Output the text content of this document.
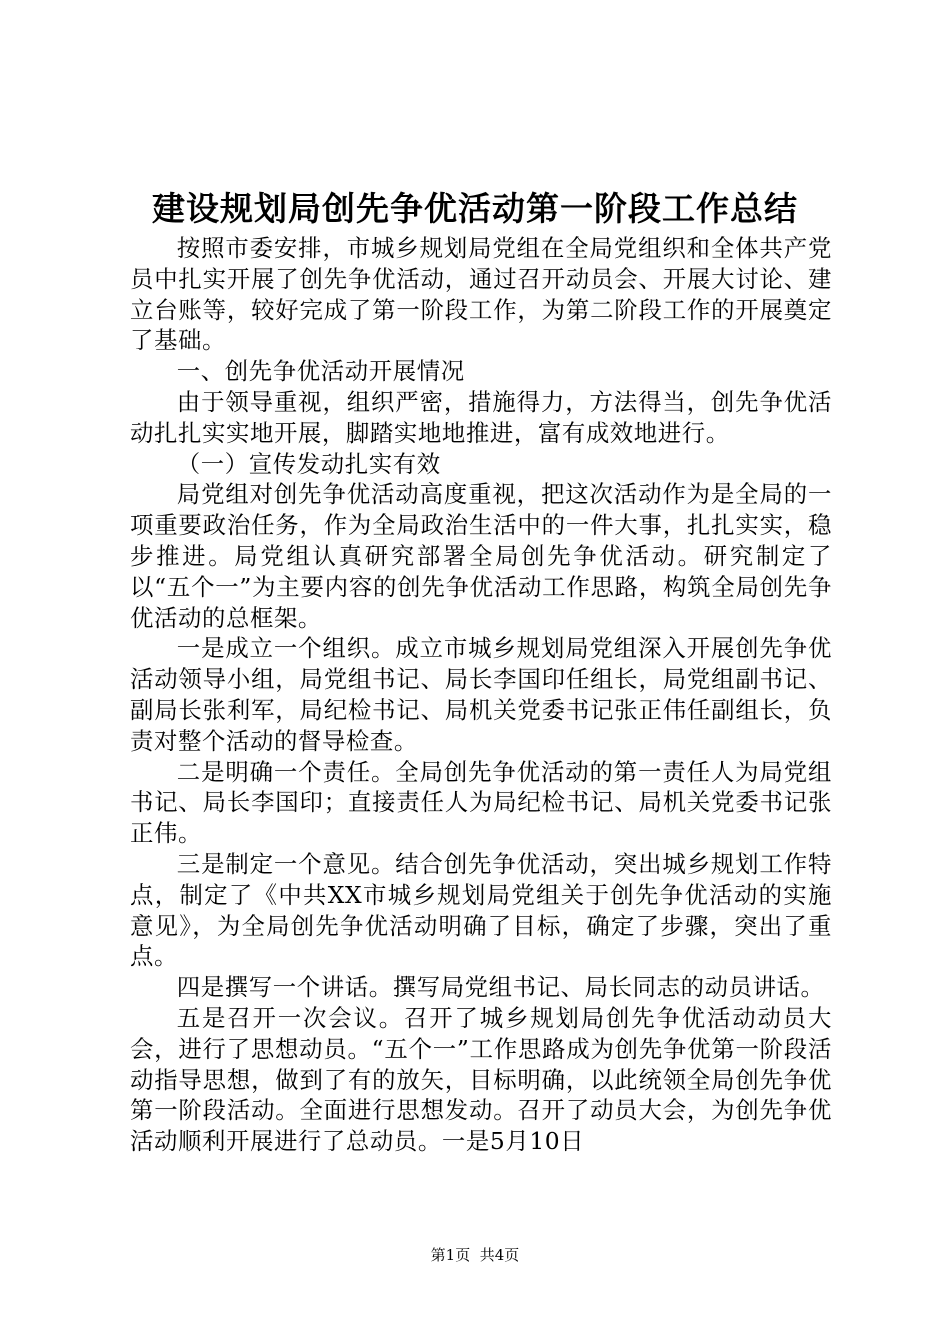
建设规划局创先争优活动第一阶段工作总结

按照市委安排，市城乡规划局党组在全局党组织和全体共产党员中扎实开展了创先争优活动，通过召开动员会、开展大讨论、建立台账等，较好完成了第一阶段工作，为第二阶段工作的开展奠定了基础。

一、创先争优活动开展情况

由于领导重视，组织严密，措施得力，方法得当，创先争优活动扎扎实实地开展，脚踏实地地推进，富有成效地进行。

（一）宣传发动扎实有效

局党组对创先争优活动高度重视，把这次活动作为是全局的一项重要政治任务，作为全局政治生活中的一件大事，扎扎实实，稳步推进。局党组认真研究部署全局创先争优活动。研究制定了以“五个一”为主要内容的创先争优活动工作思路，构筑全局创先争优活动的总框架。

一是成立一个组织。成立市城乡规划局党组深入开展创先争优活动领导小组，局党组书记、局长李国印任组长，局党组副书记、副局长张利军，局纪检书记、局机关党委书记张正伟任副组长，负责对整个活动的督导检查。

二是明确一个责任。全局创先争优活动的第一责任人为局党组书记、局长李国印；直接责任人为局纪检书记、局机关党委书记张正伟。

三是制定一个意见。结合创先争优活动，突出城乡规划工作特点，制定了《中共XX市城乡规划局党组关于创先争优活动的实施意见》，为全局创先争优活动明确了目标，确定了步骤，突出了重点。

四是撰写一个讲话。撰写局党组书记、局长同志的动员讲话。

五是召开一次会议。召开了城乡规划局创先争优活动动员大会，进行了思想动员。“五个一”工作思路成为创先争优第一阶段活动指导思想，做到了有的放矢，目标明确，以此统领全局创先争优第一阶段活动。全面进行思想发动。召开了动员大会，为创先争优活动顺利开展进行了总动员。一是5月10日

第1页 共4页
